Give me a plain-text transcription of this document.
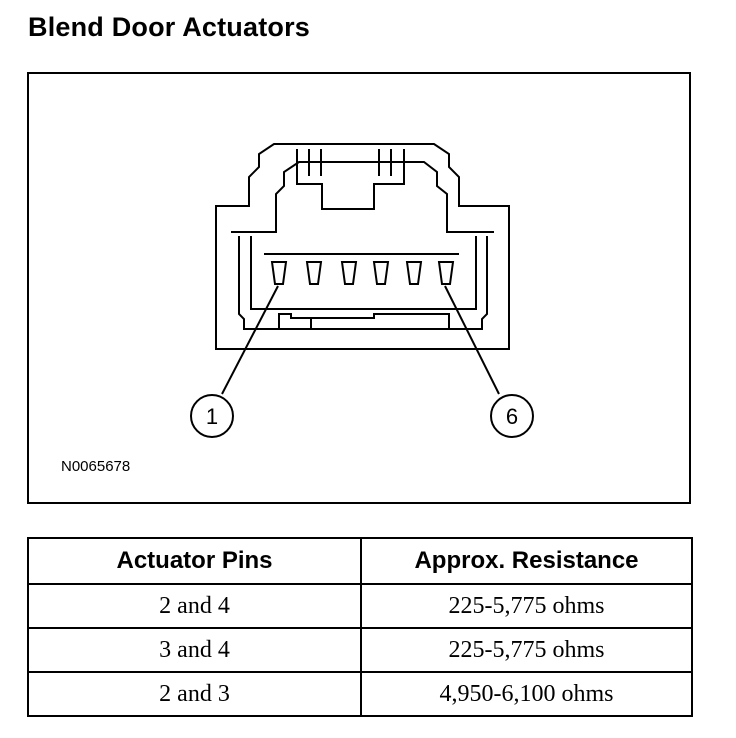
Blend Door Actuators
1	6
N0065678
Actuator Pins	Approx. Resistance
2 and 4	225-5,775 ohms
3 and 4	225-5,775 ohms
2 and 3	4,950-6,100 ohms
